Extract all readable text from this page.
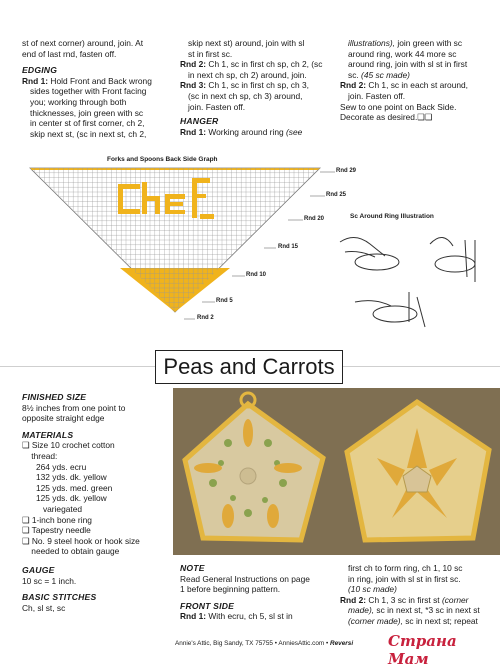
st of next corner) around, join. At
end of last rnd, fasten off.
EDGING
Rnd 1: Hold Front and Back wrong
sides together with Front facing
you; working through both
thicknesses, join green with sc
in center st of first corner, ch 2,
skip next st, (sc in next st, ch 2,
skip next st) around, join with sl
st in first sc.
Rnd 2: Ch 1, sc in first ch sp, ch 2, (sc
in next ch sp, ch 2) around, join.
Rnd 3: Ch 1, sc in first ch sp, ch 3,
(sc in next ch sp, ch 3) around,
join. Fasten off.
HANGER
Rnd 1: Working around ring (see
illustrations), join green with sc
around ring, work 44 more sc
around ring, join with sl st in first
sc. (45 sc made)
Rnd 2: Ch 1, sc in each st around,
join. Fasten off.
Sew to one point on Back Side.
Decorate as desired.❑❑
Forks and Spoons Back Side Graph
Rnd 29
Rnd 25
Rnd 20
Rnd 15
Rnd 10
Rnd 5
Rnd 2
Sc Around Ring Illustration
Peas and Carrots
FINISHED SIZE
8½ inches from one point to
opposite straight edge
MATERIALS
❑ Size 10 crochet cotton
thread:
264 yds. ecru
132 yds. dk. yellow
125 yds. med. green
125 yds. dk. yellow
variegated
❑ 1-inch bone ring
❑ Tapestry needle
❑ No. 9 steel hook or hook size
needed to obtain gauge
GAUGE
10 sc = 1 inch.
BASIC STITCHES
Ch, sl st, sc
NOTE
Read General Instructions on page
1 before beginning pattern.
FRONT SIDE
Rnd 1: With ecru, ch 5, sl st in
first ch to form ring, ch 1, 10 sc
in ring, join with sl st in first sc.
(10 sc made)
Rnd 2: Ch 1, 3 sc in first st (corner
made), sc in next st, *3 sc in next st
(corner made), sc in next st; repeat
Annie's Attic, Big Sandy, TX 75755 • AnniesAttic.com • Reversi Страна Мам
